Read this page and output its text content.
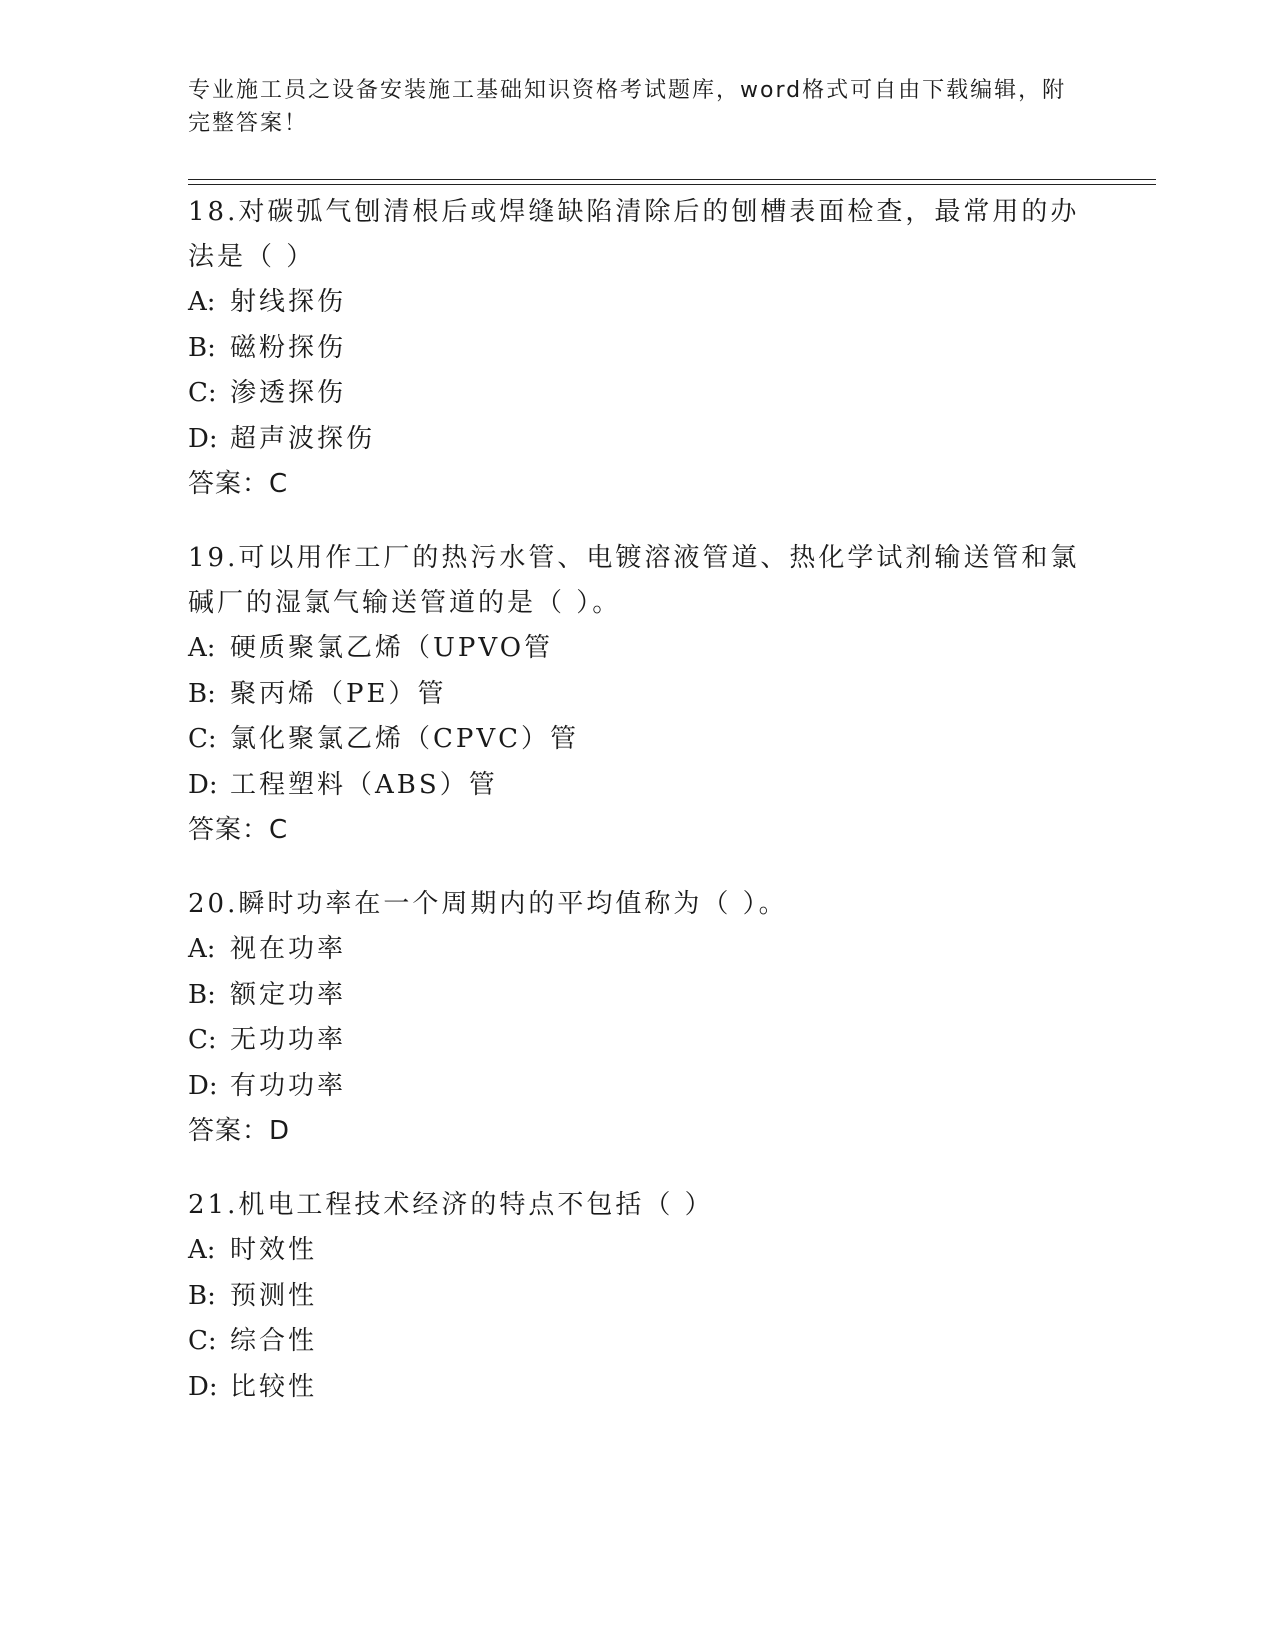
专业施工员之设备安装施工基础知识资格考试题库，word格式可自由下载编辑，附完整答案！

18.对碳弧气刨清根后或焊缝缺陷清除后的刨槽表面检查，最常用的办法是（ ）

A: 射线探伤

B: 磁粉探伤

C: 渗透探伤

D: 超声波探伤

答案：C

19.可以用作工厂的热污水管、电镀溶液管道、热化学试剂输送管和氯碱厂的湿氯气输送管道的是（ ）。

A: 硬质聚氯乙烯（UPVO管

B: 聚丙烯（PE）管

C: 氯化聚氯乙烯（CPVC）管

D: 工程塑料（ABS）管

答案：C

20.瞬时功率在一个周期内的平均值称为（ ）。

A: 视在功率

B: 额定功率

C: 无功功率

D: 有功功率

答案：D

21.机电工程技术经济的特点不包括（ ）

A: 时效性

B: 预测性

C: 综合性

D: 比较性
